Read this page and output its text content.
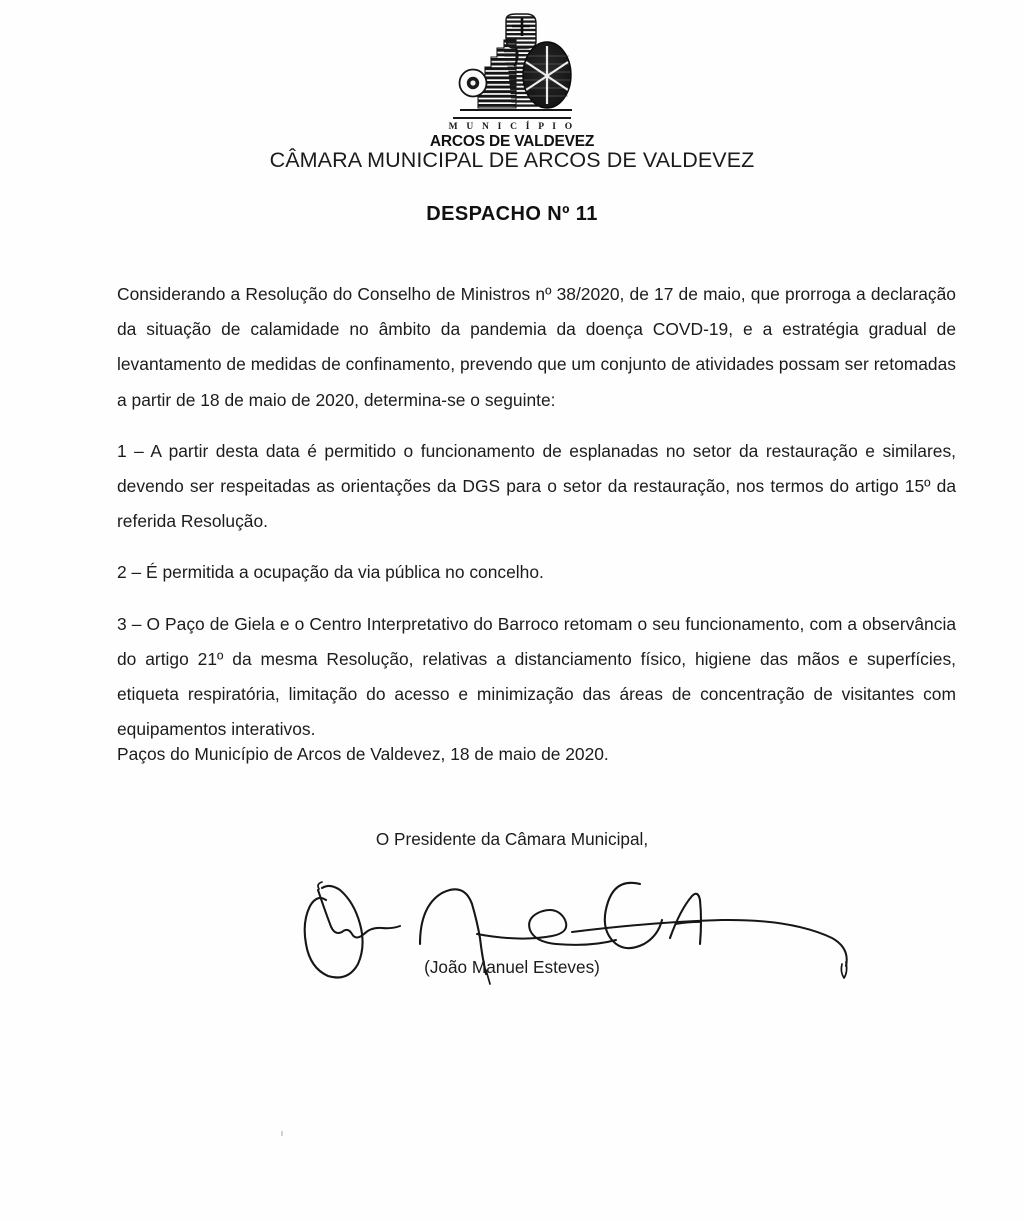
M U N I C Í P I O
ARCOS DE VALDEVEZ
CÂMARA MUNICIPAL DE ARCOS DE VALDEVEZ
DESPACHO Nº 11

Considerando a Resolução do Conselho de Ministros nº 38/2020, de 17 de maio, que prorroga a declaração da situação de calamidade no âmbito da pandemia da doença COVD-19, e a estratégia gradual de levantamento de medidas de confinamento, prevendo que um conjunto de atividades possam ser retomadas a partir de 18 de maio de 2020, determina-se o seguinte:

1 – A partir desta data é permitido o funcionamento de esplanadas no setor da restauração e similares, devendo ser respeitadas as orientações da DGS para o setor da restauração, nos termos do artigo 15º da referida Resolução.

2 – É permitida a ocupação da via pública no concelho.

3 – O Paço de Giela e o Centro Interpretativo do Barroco retomam o seu funcionamento, com a observância do artigo 21º da mesma Resolução, relativas a distanciamento físico, higiene das mãos e superfícies, etiqueta respiratória, limitação do acesso e minimização das áreas de concentração de visitantes com equipamentos interativos.

Paços do Município de Arcos de Valdevez, 18 de maio de 2020.
O Presidente da Câmara Municipal,
(João Manuel Esteves)
